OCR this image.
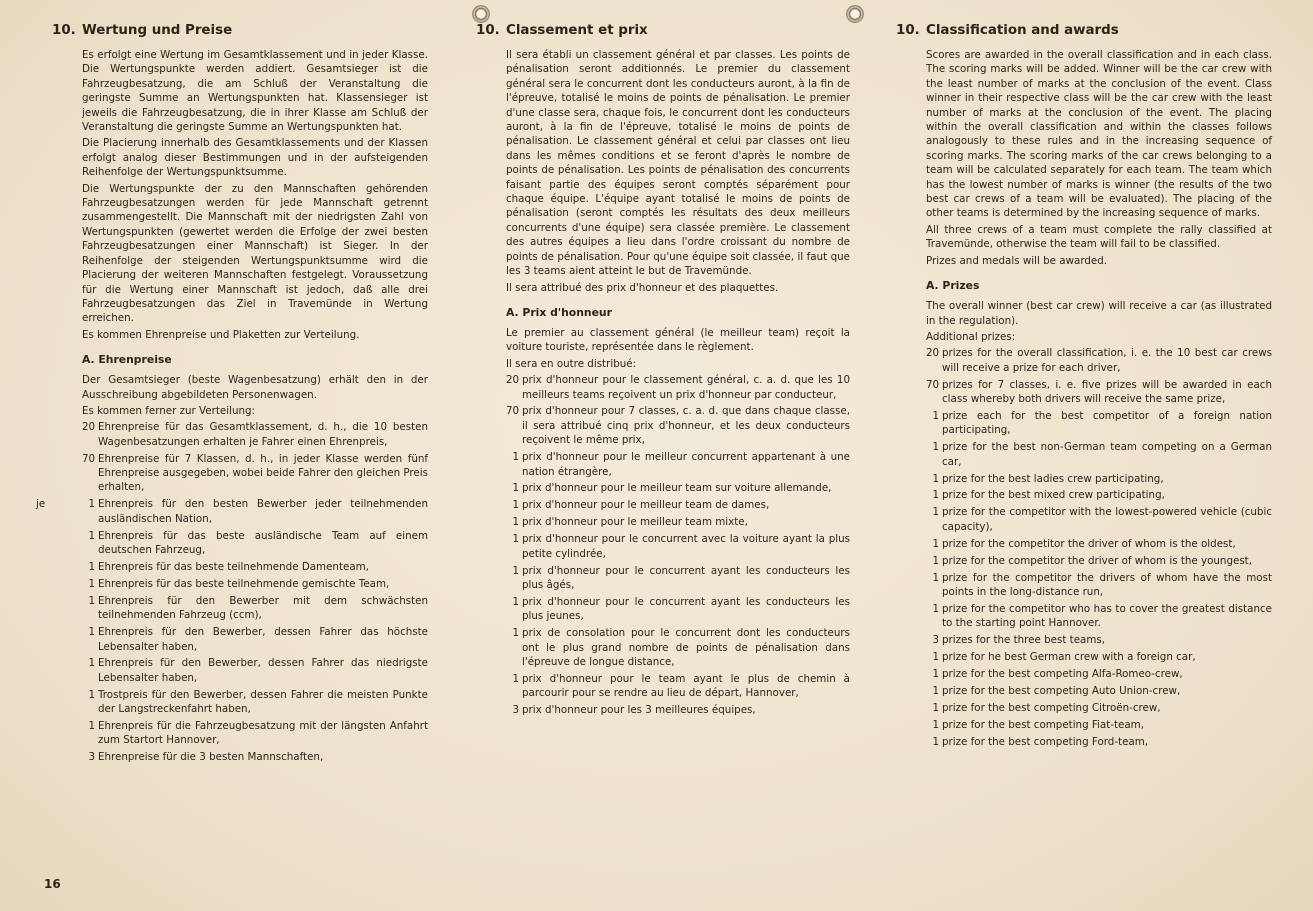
10. Wertung und Preise

Es erfolgt eine Wertung im Gesamtklassement und in jeder Klasse. Die Wertungspunkte werden addiert. Gesamtsieger ist die Fahrzeugbesatzung, die am Schluß der Veranstaltung die geringste Summe an Wertungspunkten hat. Klassensieger ist jeweils die Fahrzeugbesatzung, die in ihrer Klasse am Schluß der Veranstaltung die geringste Summe an Wertungspunkten hat.

Die Placierung innerhalb des Gesamtklassements und der Klassen erfolgt analog dieser Bestimmungen und in der aufsteigenden Reihenfolge der Wertungspunktsumme.

Die Wertungspunkte der zu den Mannschaften gehörenden Fahrzeugbesatzungen werden für jede Mannschaft getrennt zusammengestellt. Die Mannschaft mit der niedrigsten Zahl von Wertungspunkten (gewertet werden die Erfolge der zwei besten Fahrzeugbesatzungen einer Mannschaft) ist Sieger. In der Reihenfolge der steigenden Wertungspunktsumme wird die Placierung der weiteren Mannschaften festgelegt. Voraussetzung für die Wertung einer Mannschaft ist jedoch, daß alle drei Fahrzeugbesatzungen das Ziel in Travemünde in Wertung erreichen.

Es kommen Ehrenpreise und Plaketten zur Verteilung.

A. Ehrenpreise

Der Gesamtsieger (beste Wagenbesatzung) erhält den in der Ausschreibung abgebildeten Personenwagen.

Es kommen ferner zur Verteilung:

20 Ehrenpreise für das Gesamtklassement, d. h., die 10 besten Wagenbesatzungen erhalten je Fahrer einen Ehrenpreis,
70 Ehrenpreise für 7 Klassen, d. h., in jeder Klasse werden fünf Ehrenpreise ausgegeben, wobei beide Fahrer den gleichen Preis erhalten,
je	1 Ehrenpreis für den besten Bewerber jeder teilnehmenden ausländischen Nation,
1 Ehrenpreis für das beste ausländische Team auf einem deutschen Fahrzeug,
1 Ehrenpreis für das beste teilnehmende Damenteam,
1 Ehrenpreis für das beste teilnehmende gemischte Team,
1 Ehrenpreis für den Bewerber mit dem schwächsten teilnehmenden Fahrzeug (ccm),
1 Ehrenpreis für den Bewerber, dessen Fahrer das höchste Lebensalter haben,
1 Ehrenpreis für den Bewerber, dessen Fahrer das niedrigste Lebensalter haben,
1 Trostpreis für den Bewerber, dessen Fahrer die meisten Punkte der Langstreckenfahrt haben,
1 Ehrenpreis für die Fahrzeugbesatzung mit der längsten Anfahrt zum Startort Hannover,
3 Ehrenpreise für die 3 besten Mannschaften,
10. Classement et prix

Il sera établi un classement général et par classes. Les points de pénalisation seront additionnés. Le premier du classement général sera le concurrent dont les conducteurs auront, à la fin de l'épreuve, totalisé le moins de points de pénalisation. Le premier d'une classe sera, chaque fois, le concurrent dont les conducteurs auront, à la fin de l'épreuve, totalisé le moins de points de pénalisation. Le classement général et celui par classes ont lieu dans les mêmes conditions et se feront d'après le nombre de points de pénalisation. Les points de pénalisation des concurrents faisant partie des équipes seront comptés séparément pour chaque équipe. L'équipe ayant totalisé le moins de points de pénalisation (seront comptés les résultats des deux meilleurs concurrents d'une équipe) sera classée première. Le classement des autres équipes a lieu dans l'ordre croissant du nombre de points de pénalisation. Pour qu'une équipe soit classée, il faut que les 3 teams aient atteint le but de Travemünde.

Il sera attribué des prix d'honneur et des plaquettes.

A. Prix d'honneur

Le premier au classement général (le meilleur team) reçoit la voiture touriste, représentée dans le règlement.

Il sera en outre distribué:

20 prix d'honneur pour le classement général, c. a. d. que les 10 meilleurs teams reçoivent un prix d'honneur par conducteur,
70 prix d'honneur pour 7 classes, c. a. d. que dans chaque classe, il sera attribué cinq prix d'honneur, et les deux conducteurs reçoivent le même prix,
1 prix d'honneur pour le meilleur concurrent appartenant à une nation étrangère,
1 prix d'honneur pour le meilleur team sur voiture allemande,
1 prix d'honneur pour le meilleur team de dames,
1 prix d'honneur pour le meilleur team mixte,
1 prix d'honneur pour le concurrent avec la voiture ayant la plus petite cylindrée,
1 prix d'honneur pour le concurrent ayant les conducteurs les plus âgés,
1 prix d'honneur pour le concurrent ayant les conducteurs les plus jeunes,
1 prix de consolation pour le concurrent dont les conducteurs ont le plus grand nombre de points de pénalisation dans l'épreuve de longue distance,
1 prix d'honneur pour le team ayant le plus de chemin à parcourir pour se rendre au lieu de départ, Hannover,
3 prix d'honneur pour les 3 meilleures équipes,
10. Classification and awards

Scores are awarded in the overall classification and in each class. The scoring marks will be added. Winner will be the car crew with the least number of marks at the conclusion of the event. Class winner in their respective class will be the car crew with the least number of marks at the conclusion of the event. The placing within the overall classification and within the classes follows analogously to these rules and in the increasing sequence of scoring marks. The scoring marks of the car crews belonging to a team will be calculated separately for each team. The team which has the lowest number of marks is winner (the results of the two best car crews of a team will be evaluated). The placing of the other teams is determined by the increasing sequence of marks.

All three crews of a team must complete the rally classified at Travemünde, otherwise the team will fail to be classified.

Prizes and medals will be awarded.

A. Prizes

The overall winner (best car crew) will receive a car (as illustrated in the regulation).

Additional prizes:

20 prizes for the overall classification, i. e. the 10 best car crews will receive a prize for each driver,
70 prizes for 7 classes, i. e. five prizes will be awarded in each class whereby both drivers will receive the same prize,
1 prize each for the best competitor of a foreign nation participating,
1 prize for the best non-German team competing on a German car,
1 prize for the best ladies crew participating,
1 prize for the best mixed crew participating,
1 prize for the competitor with the lowest-powered vehicle (cubic capacity),
1 prize for the competitor the driver of whom is the oldest,
1 prize for the competitor the driver of whom is the youngest,
1 prize for the competitor the drivers of whom have the most points in the long-distance run,
1 prize for the competitor who has to cover the greatest distance to the starting point Hannover.
3 prizes for the three best teams,
1 prize for he best German crew with a foreign car,
1 prize for the best competing Alfa-Romeo-crew,
1 prize for the best competing Auto Union-crew,
1 prize for the best competing Citroën-crew,
1 prize for the best competing Fiat-team,
1 prize for the best competing Ford-team,
16
